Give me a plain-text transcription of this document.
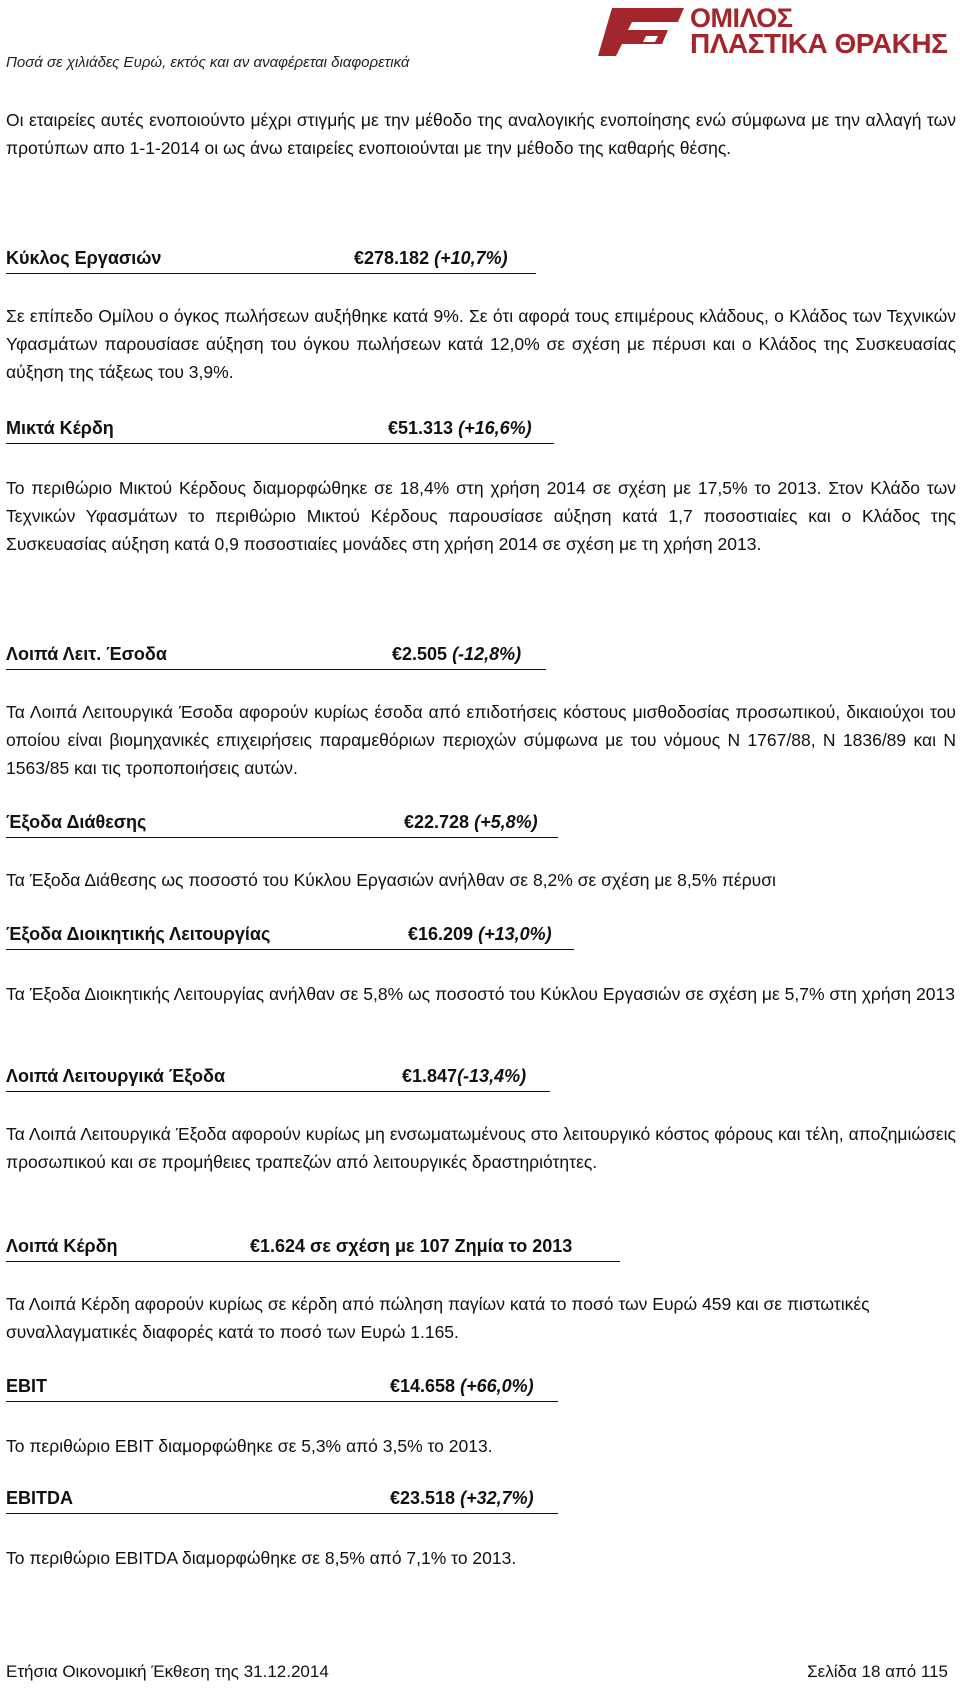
Ποσά σε χιλιάδες Ευρώ, εκτός και αν αναφέρεται διαφορετικά
ΟΜΙΛΟΣ
ΠΛΑΣΤΙΚΑ ΘΡΑΚΗΣ
Οι εταιρείες αυτές ενοποιούντο μέχρι στιγμής με την μέθοδο της αναλογικής ενοποίησης ενώ σύμφωνα με την αλλαγή των προτύπων απο 1-1-2014 οι ως άνω εταιρείες ενοποιούνται με την μέθοδο της καθαρής θέσης.
Κύκλος Εργασιών	€278.182 (+10,7%)
Σε επίπεδο Ομίλου ο όγκος πωλήσεων αυξήθηκε κατά 9%. Σε ότι αφορά τους επιμέρους κλάδους, ο Κλάδος των Τεχνικών Υφασμάτων παρουσίασε αύξηση του όγκου πωλήσεων κατά 12,0% σε σχέση με πέρυσι και ο Κλάδος της Συσκευασίας αύξηση της τάξεως του 3,9%.
Μικτά Κέρδη	€51.313 (+16,6%)
Το περιθώριο Μικτού Κέρδους διαμορφώθηκε σε 18,4% στη χρήση 2014 σε σχέση με 17,5% το 2013. Στον Κλάδο των Τεχνικών Υφασμάτων το περιθώριο Μικτού Κέρδους παρουσίασε αύξηση κατά 1,7 ποσοστιαίες και ο Κλάδος της Συσκευασίας αύξηση κατά 0,9 ποσοστιαίες μονάδες στη χρήση 2014 σε σχέση με τη χρήση 2013.
Λοιπά Λειτ. Έσοδα	€2.505 (-12,8%)
Τα Λοιπά Λειτουργικά Έσοδα αφορούν κυρίως έσοδα από επιδοτήσεις κόστους μισθοδοσίας προσωπικού, δικαιούχοι του οποίου είναι βιομηχανικές επιχειρήσεις παραμεθόριων περιοχών σύμφωνα με του νόμους Ν 1767/88, Ν 1836/89 και Ν 1563/85 και τις τροποποιήσεις αυτών.
Έξοδα Διάθεσης	€22.728 (+5,8%)
Τα Έξοδα Διάθεσης ως ποσοστό του Κύκλου Εργασιών ανήλθαν σε 8,2% σε σχέση με 8,5% πέρυσι
Έξοδα Διοικητικής Λειτουργίας	€16.209 (+13,0%)
Τα Έξοδα Διοικητικής Λειτουργίας ανήλθαν σε 5,8% ως ποσοστό του Κύκλου Εργασιών σε σχέση με 5,7% στη χρήση 2013
Λοιπά Λειτουργικά Έξοδα	€1.847(-13,4%)
Τα Λοιπά Λειτουργικά Έξοδα αφορούν κυρίως μη ενσωματωμένους στο λειτουργικό κόστος φόρους και τέλη, αποζημιώσεις προσωπικού και σε προμήθειες τραπεζών από λειτουργικές δραστηριότητες.
Λοιπά Κέρδη	€1.624 σε σχέση με 107 Ζημία το 2013
Τα Λοιπά Κέρδη αφορούν κυρίως σε κέρδη από πώληση παγίων κατά το ποσό των Ευρώ 459 και σε πιστωτικές συναλλαγματικές διαφορές κατά το ποσό των Ευρώ 1.165.
EBIT	€14.658 (+66,0%)
Το περιθώριο EBIT διαμορφώθηκε σε 5,3% από 3,5% το 2013.
EBITDA	€23.518 (+32,7%)
Το περιθώριο EBITDA διαμορφώθηκε σε 8,5% από 7,1% το 2013.
Ετήσια Οικονομική Έκθεση της 31.12.2014	Σελίδα 18 από 115
